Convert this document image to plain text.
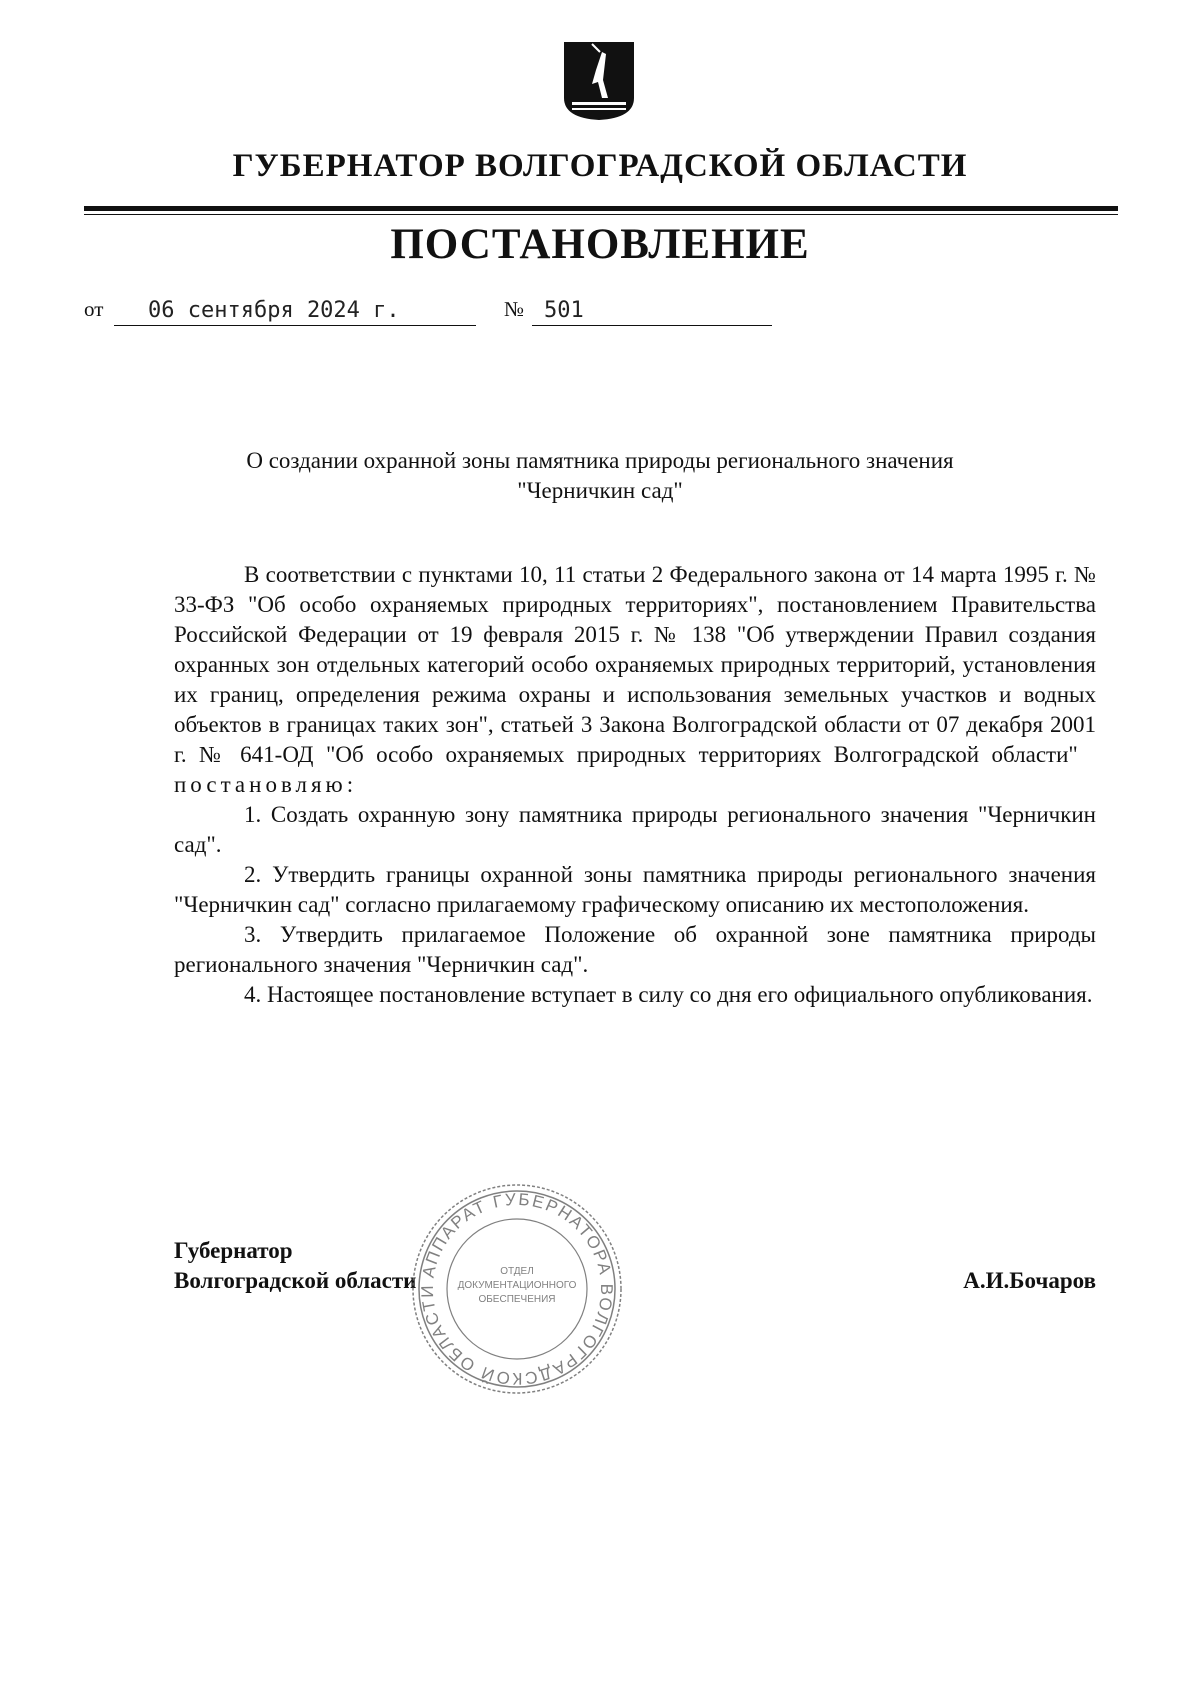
ГУБЕРНАТОР ВОЛГОГРАДСКОЙ ОБЛАСТИ
ПОСТАНОВЛЕНИЕ
от	06 сентября 2024 г.	№ 501
О создании охранной зоны памятника природы регионального значения
"Черничкин сад"

В соответствии с пунктами 10, 11 статьи 2 Федерального закона от 14 марта 1995 г. № 33-ФЗ "Об особо охраняемых природных территориях", постановлением Правительства Российской Федерации от 19 февраля 2015 г. № 138 "Об утверждении Правил создания охранных зон отдельных категорий особо охраняемых природных территорий, установления их границ, определения режима охраны и использования земельных участков и водных объектов в границах таких зон", статьей 3 Закона Волгоградской области от 07 декабря 2001 г. № 641-ОД "Об особо охраняемых природных территориях Волгоградской области"   постановляю:

1. Создать охранную зону памятника природы регионального значения "Черничкин сад".

2. Утвердить границы охранной зоны памятника природы регионального значения "Черничкин сад" согласно прилагаемому графическому описанию их местоположения.

3. Утвердить прилагаемое Положение об охранной зоне памятника природы регионального значения "Черничкин сад".

4. Настоящее постановление вступает в силу со дня его официального опубликования.

Губернатор
Волгоградской области	А.И.Бочаров
АППАРАТ ГУБЕРНАТОРА ВОЛГОГРАДСКОЙ ОБЛАСТИ
ОТДЕЛ
ДОКУМЕНТАЦИОННОГО
ОБЕСПЕЧЕНИЯ
